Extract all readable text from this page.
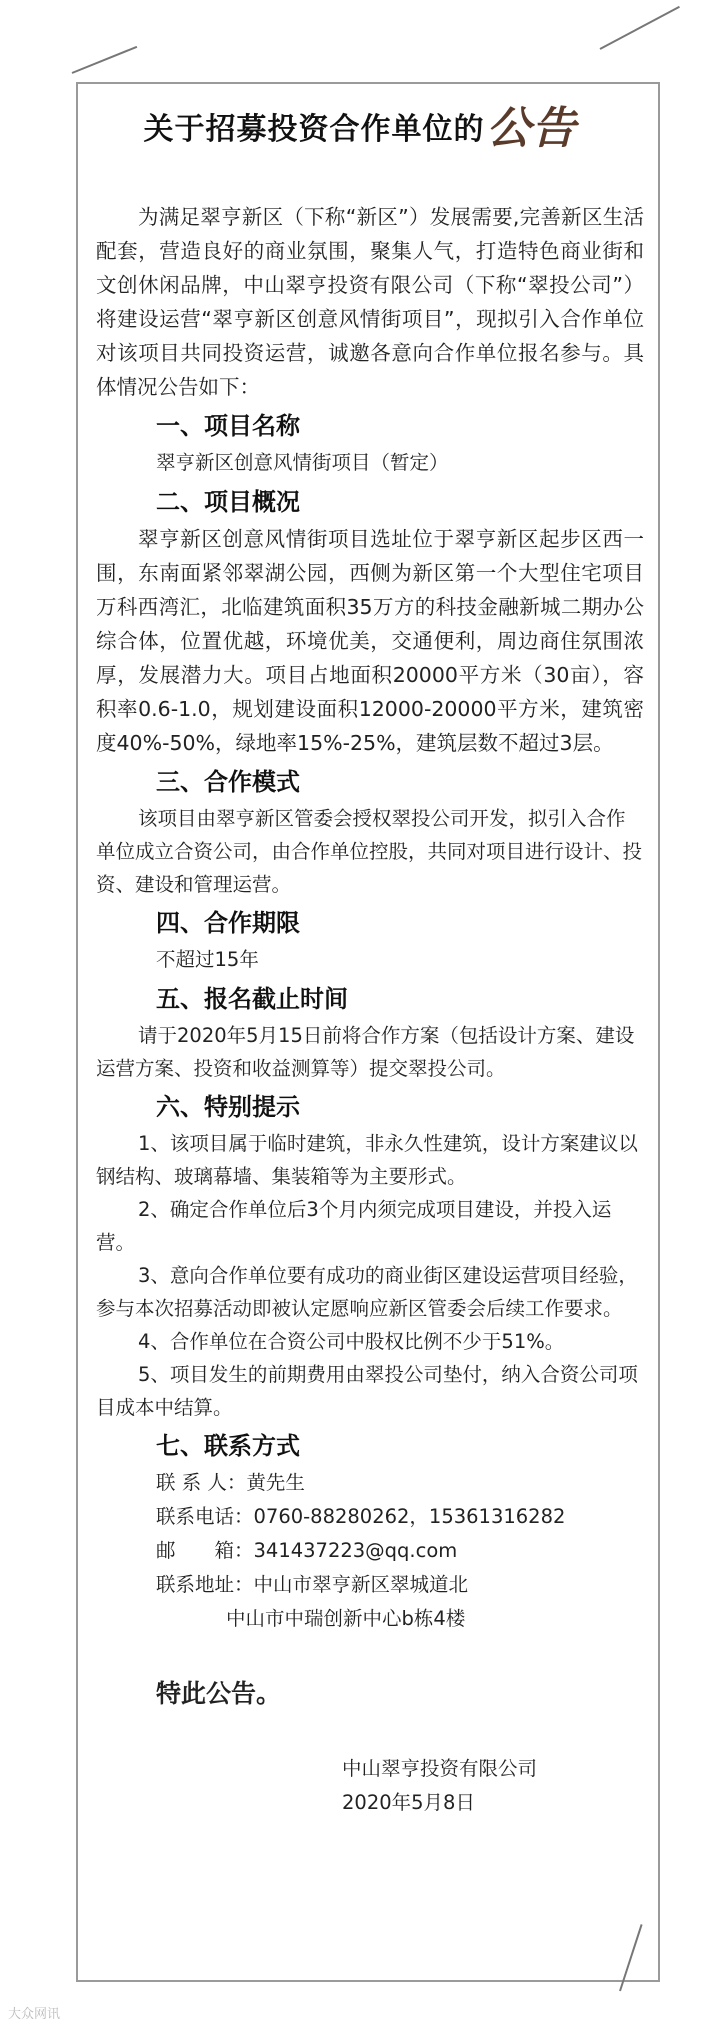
关于招募投资合作单位的公告

为满足翠亨新区（下称“新区”）发展需要,完善新区生活配套，营造良好的商业氛围，聚集人气，打造特色商业街和文创休闲品牌，中山翠亨投资有限公司（下称“翠投公司”）将建设运营“翠亨新区创意风情街项目”，现拟引入合作单位对该项目共同投资运营，诚邀各意向合作单位报名参与。具体情况公告如下：

一、项目名称

翠亨新区创意风情街项目（暂定）

二、项目概况

翠亨新区创意风情街项目选址位于翠亨新区起步区西一围，东南面紧邻翠湖公园，西侧为新区第一个大型住宅项目万科西湾汇，北临建筑面积35万方的科技金融新城二期办公综合体，位置优越，环境优美，交通便利，周边商住氛围浓厚，发展潜力大。项目占地面积20000平方米（30亩），容积率0.6-1.0，规划建设面积12000-20000平方米，建筑密度40%-50%，绿地率15%-25%，建筑层数不超过3层。

三、合作模式

该项目由翠亨新区管委会授权翠投公司开发，拟引入合作单位成立合资公司，由合作单位控股，共同对项目进行设计、投资、建设和管理运营。

四、合作期限

不超过15年

五、报名截止时间

请于2020年5月15日前将合作方案（包括设计方案、建设运营方案、投资和收益测算等）提交翠投公司。

六、特别提示

1、该项目属于临时建筑，非永久性建筑，设计方案建议以钢结构、玻璃幕墙、集装箱等为主要形式。

2、确定合作单位后3个月内须完成项目建设，并投入运营。

3、意向合作单位要有成功的商业街区建设运营项目经验，参与本次招募活动即被认定愿响应新区管委会后续工作要求。

4、合作单位在合资公司中股权比例不少于51%。

5、项目发生的前期费用由翠投公司垫付，纳入合资公司项目成本中结算。

七、联系方式

联 系 人：黄先生

联系电话：0760-88280262，15361316282

邮　　箱：341437223@qq.com

联系地址：中山市翠亨新区翠城道北

中山市中瑞创新中心b栋4楼

特此公告。

中山翠亨投资有限公司

2020年5月8日

大众网讯
